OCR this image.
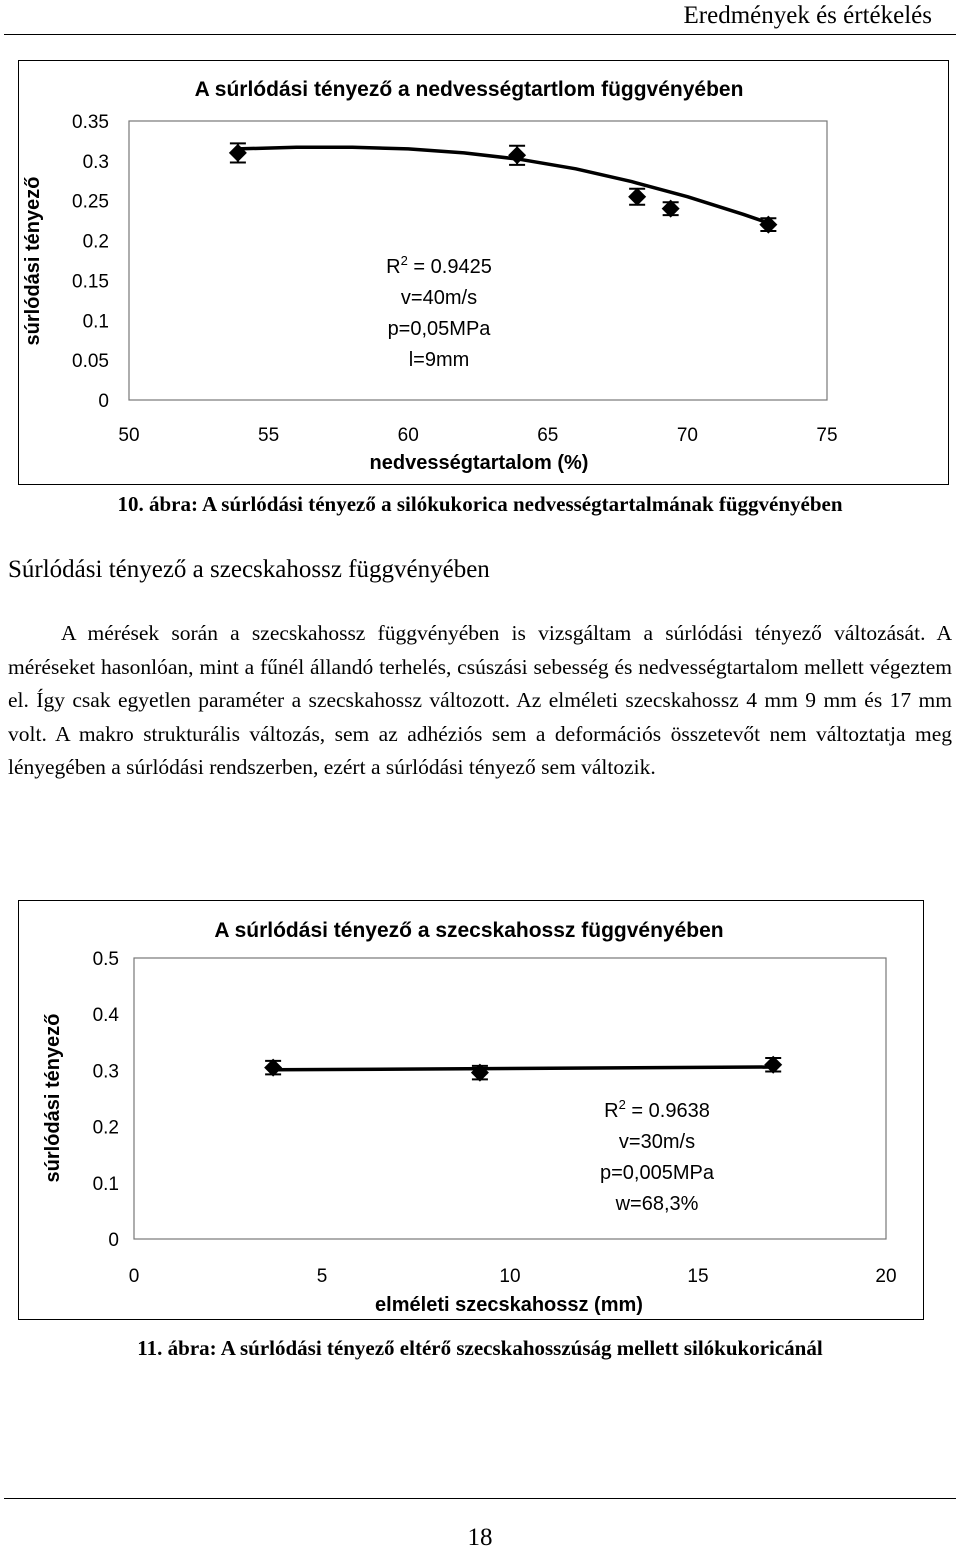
Eredmények és értékelés
A súrlódási tényező a nedvességtartlom függvényében
0
0.05
0.1
0.15
0.2
0.25
0.3
0.35
50	55	60	65	70	75
nedvességtartalom (%)
súrlódási tényező	$R^2 = 0.9425$
v=40m/s
p=0,05MPa
l=9mm
10. ábra: A súrlódási tényező a silókukorica nedvességtartalmának függvényében
Súrlódási tényező a szecskahossz függvényében

A mérések során a szecskahossz függvényében is vizsgáltam a súrlódási tényező változását. A méréseket hasonlóan, mint a fűnél állandó terhelés, csúszási sebesség és nedvességtartalom mellett végeztem el. Így csak egyetlen paraméter a szecskahossz változott. Az elméleti szecskahossz 4 mm 9 mm és 17 mm volt. A makro strukturális változás, sem az adhéziós sem a deformációs összetevőt nem változtatja meg lényegében a súrlódási rendszerben, ezért a súrlódási tényező sem változik.

A súrlódási tényező a szecskahossz függvényében
0
0.1
0.2
0.3
0.4
0.5
0	5	10	15	20
elméleti szecskahossz (mm)
súrlódási tényező	$R^2 = 0.9638$
v=30m/s
p=0,005MPa
w=68,3%
11. ábra: A súrlódási tényező eltérő szecskahosszúság mellett silókukoricánál
18
